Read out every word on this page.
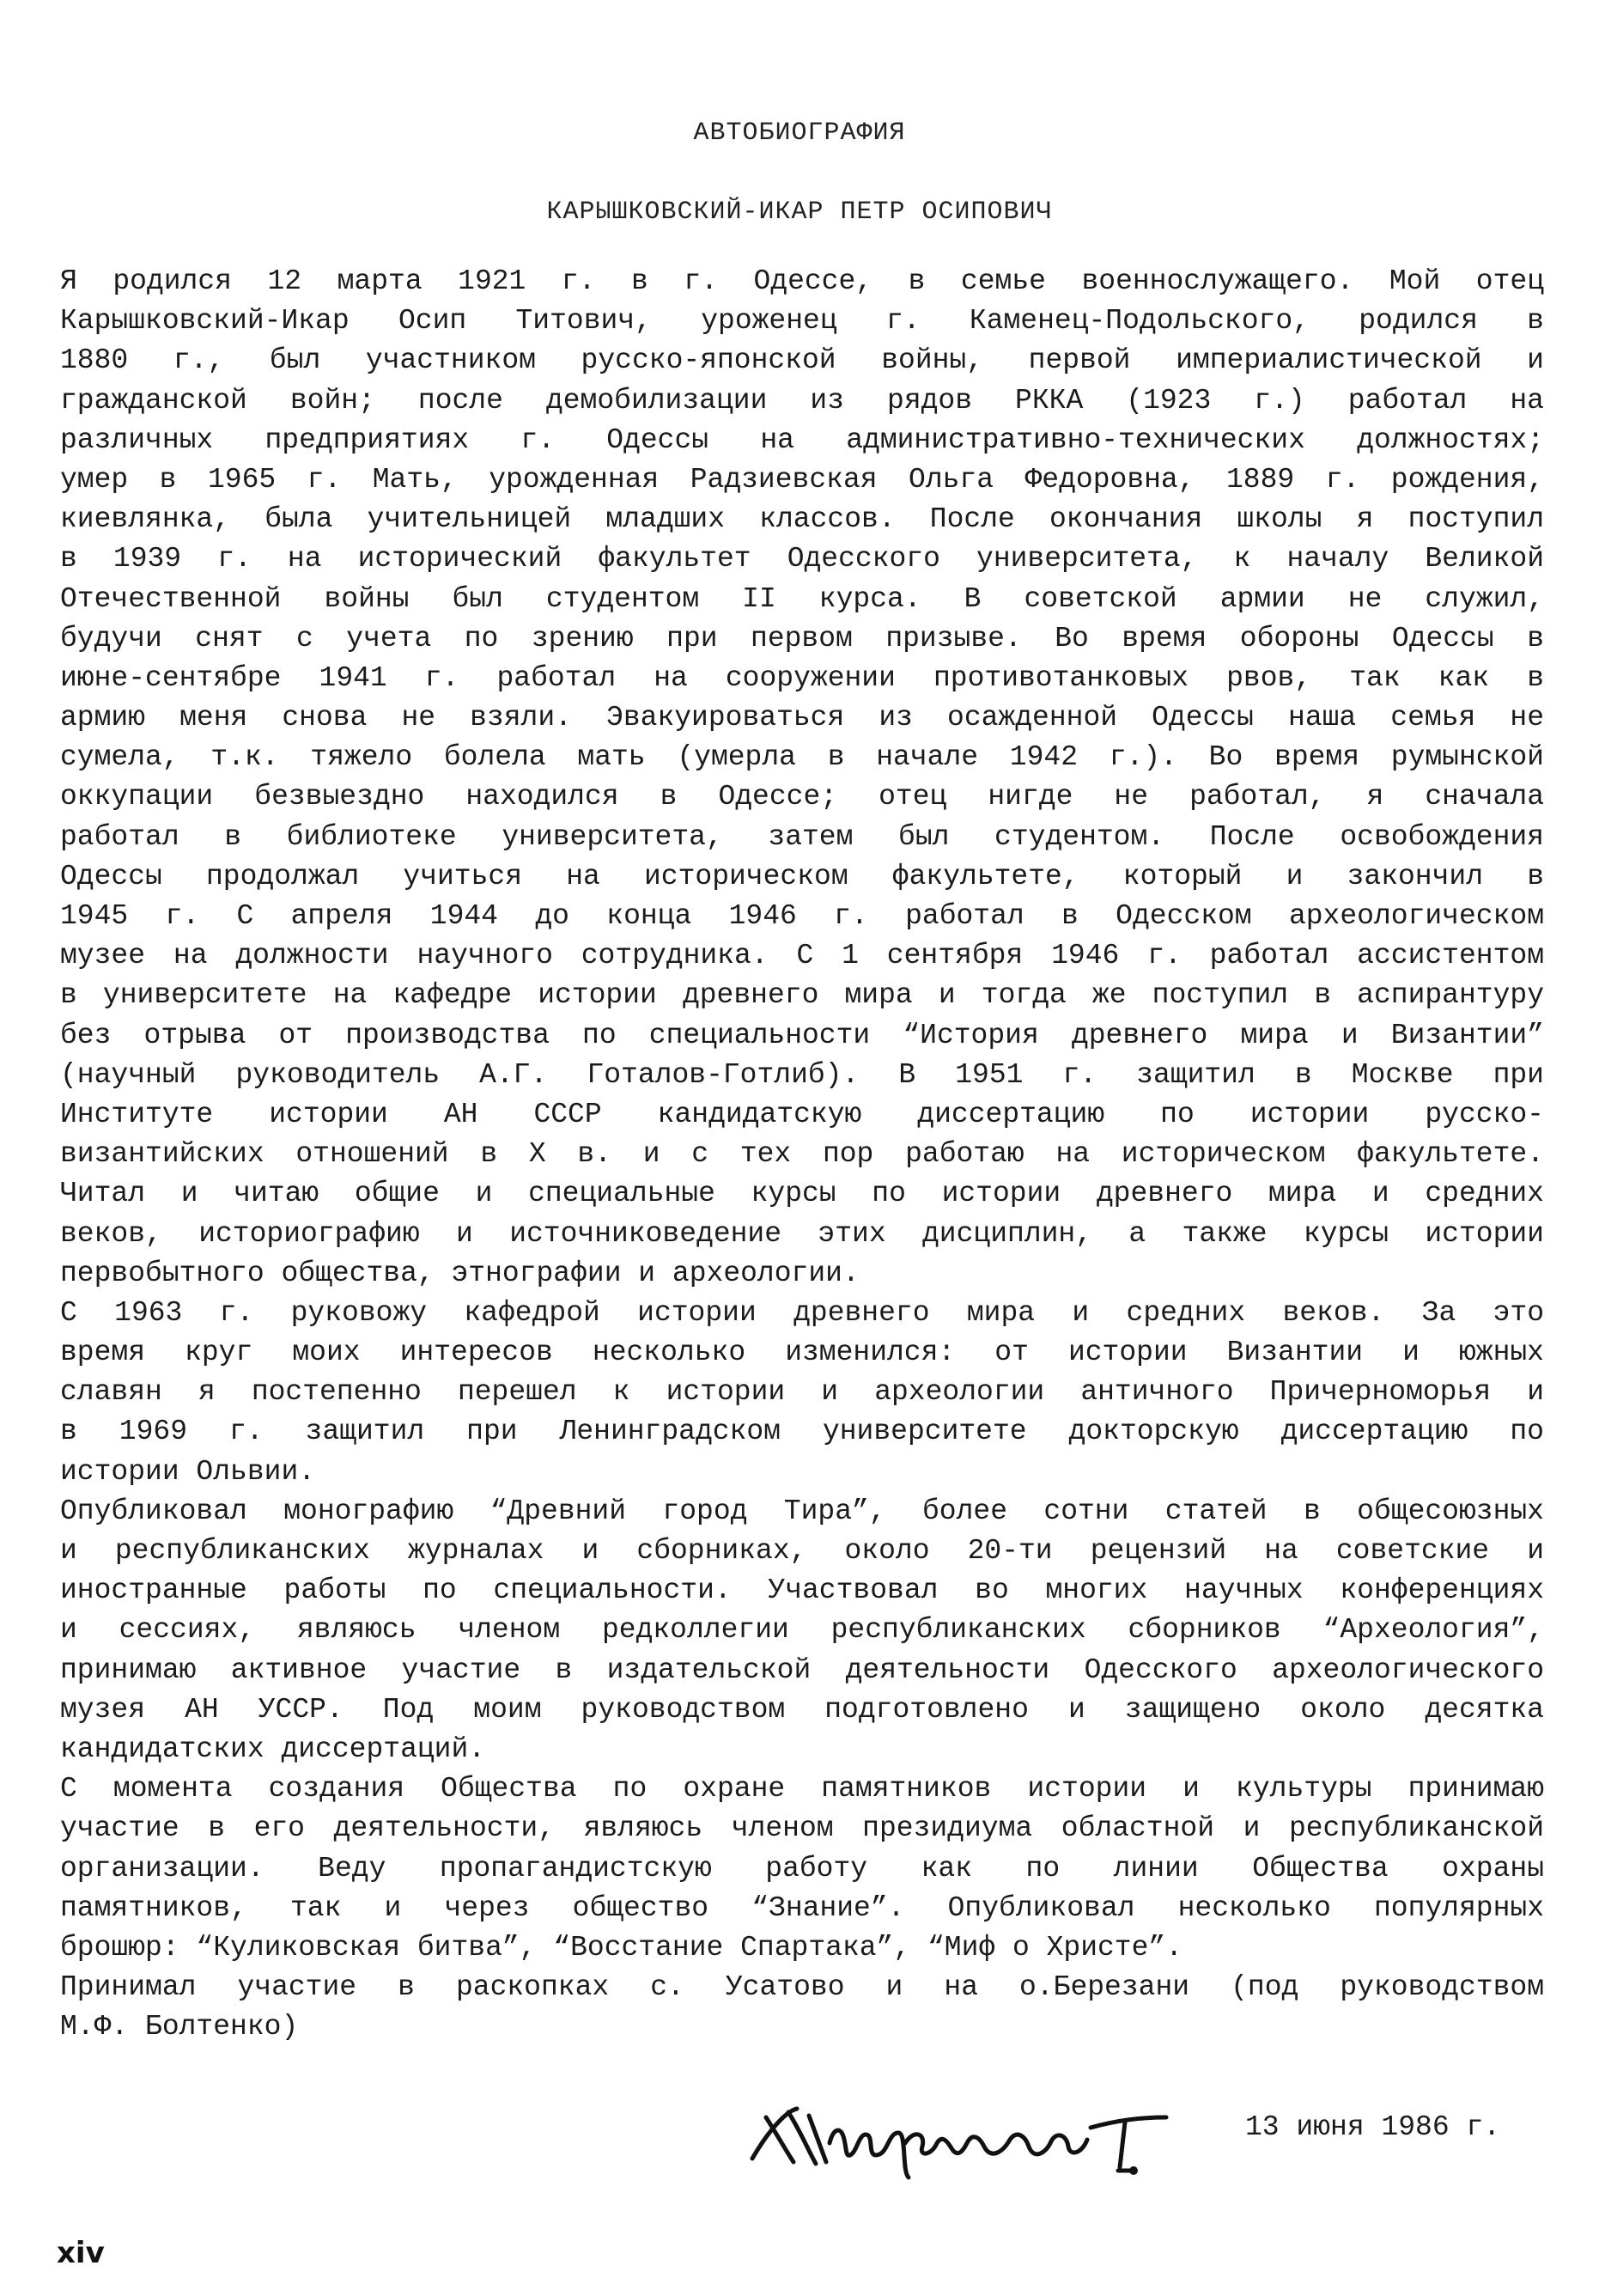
АВТОБИОГРАФИЯ
КАРЫШКОВСКИЙ-ИКАР ПЕТР ОСИПОВИЧ
Я родился 12 марта 1921 г. в г. Одессе, в семье военнослужащего. Мой отец
Карышковский-Икар Осип Титович, уроженец г. Каменец-Подольского, родился в
1880 г., был участником русско-японской войны, первой империалистической и
гражданской войн; после демобилизации из рядов РККА (1923 г.) работал на
различных предприятиях г. Одессы на административно-технических должностях;
умер в 1965 г. Мать, урожденная Радзиевская Ольга Федоровна, 1889 г. рождения,
киевлянка, была учительницей младших классов. После окончания школы я поступил
в 1939 г. на исторический факультет Одесского университета, к началу Великой
Отечественной войны был студентом II курса. В советской армии не служил,
будучи снят с учета по зрению при первом призыве. Во время обороны Одессы в
июне-сентябре 1941 г. работал на сооружении противотанковых рвов, так как в
армию меня снова не взяли. Эвакуироваться из осажденной Одессы наша семья не
сумела, т.к. тяжело болела мать (умерла в начале 1942 г.). Во время румынской
оккупации безвыездно находился в Одессе; отец нигде не работал, я сначала
работал в библиотеке университета, затем был студентом. После освобождения
Одессы продолжал учиться на историческом факультете, который и закончил в
1945 г. С апреля 1944 до конца 1946 г. работал в Одесском археологическом
музее на должности научного сотрудника. С 1 сентября 1946 г. работал ассистентом
в университете на кафедре истории древнего мира и тогда же поступил в аспирантуру
без отрыва от производства по специальности “История древнего мира и Византии”
(научный руководитель А.Г. Готалов-Готлиб). В 1951 г. защитил в Москве при
Институте истории АН СССР кандидатскую диссертацию по истории русско-
византийских отношений в X в. и с тех пор работаю на историческом факультете.
Читал и читаю общие и специальные курсы по истории древнего мира и средних
веков, историографию и источниковедение этих дисциплин, а также курсы истории
первобытного общества, этнографии и археологии.
С 1963 г. руковожу кафедрой истории древнего мира и средних веков. За это
время круг моих интересов несколько изменился: от истории Византии и южных
славян я постепенно перешел к истории и археологии античного Причерноморья и
в 1969 г. защитил при Ленинградском университете докторскую диссертацию по
истории Ольвии.
Опубликовал монографию “Древний город Тира”, более сотни статей в общесоюзных
и республиканских журналах и сборниках, около 20-ти рецензий на советские и
иностранные работы по специальности. Участвовал во многих научных конференциях
и сессиях, являюсь членом редколлегии республиканских сборников “Археология”,
принимаю активное участие в издательской деятельности Одесского археологического
музея АН УССР. Под моим руководством подготовлено и защищено около десятка
кандидатских диссертаций.
С момента создания Общества по охране памятников истории и культуры принимаю
участие в его деятельности, являюсь членом президиума областной и республиканской
организации. Веду пропагандистскую работу как по линии Общества охраны
памятников, так и через общество “Знание”. Опубликовал несколько популярных
брошюр: “Куликовская битва”, “Восстание Спартака”, “Миф о Христе”.
Принимал участие в раскопках с. Усатово и на о.Березани (под руководством
М.Ф. Болтенко)
13 июня 1986 г.
xiv
